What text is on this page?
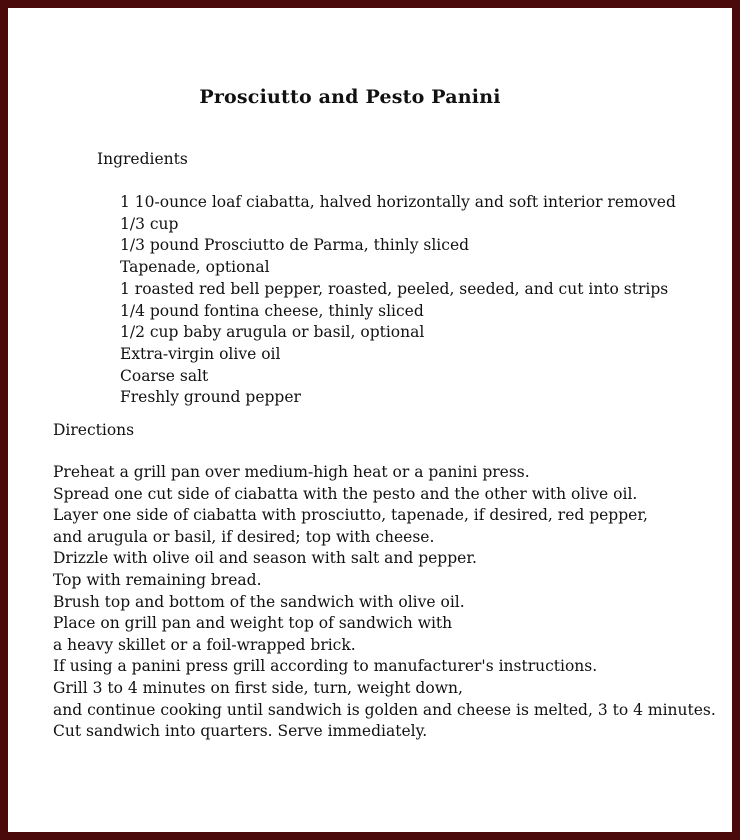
Prosciutto and Pesto Panini
Ingredients
1 10-ounce loaf ciabatta, halved horizontally and soft interior removed
1/3 cup
1/3 pound Prosciutto de Parma, thinly sliced
Tapenade, optional
1 roasted red bell pepper, roasted, peeled, seeded, and cut into strips
1/4 pound fontina cheese, thinly sliced
1/2 cup baby arugula or basil, optional
Extra-virgin olive oil
Coarse salt
Freshly ground pepper
Directions
Preheat a grill pan over medium-high heat or a panini press.
Spread one cut side of ciabatta with the pesto and the other with olive oil.
Layer one side of ciabatta with prosciutto, tapenade, if desired, red pepper,
and arugula or basil, if desired; top with cheese.
Drizzle with olive oil and season with salt and pepper.
Top with remaining bread.
Brush top and bottom of the sandwich with olive oil.
Place on grill pan and weight top of sandwich with
a heavy skillet or a foil-wrapped brick.
If using a panini press grill according to manufacturer's instructions.
Grill 3 to 4 minutes on first side, turn, weight down,
and continue cooking until sandwich is golden and cheese is melted, 3 to 4 minutes.
Cut sandwich into quarters. Serve immediately.
